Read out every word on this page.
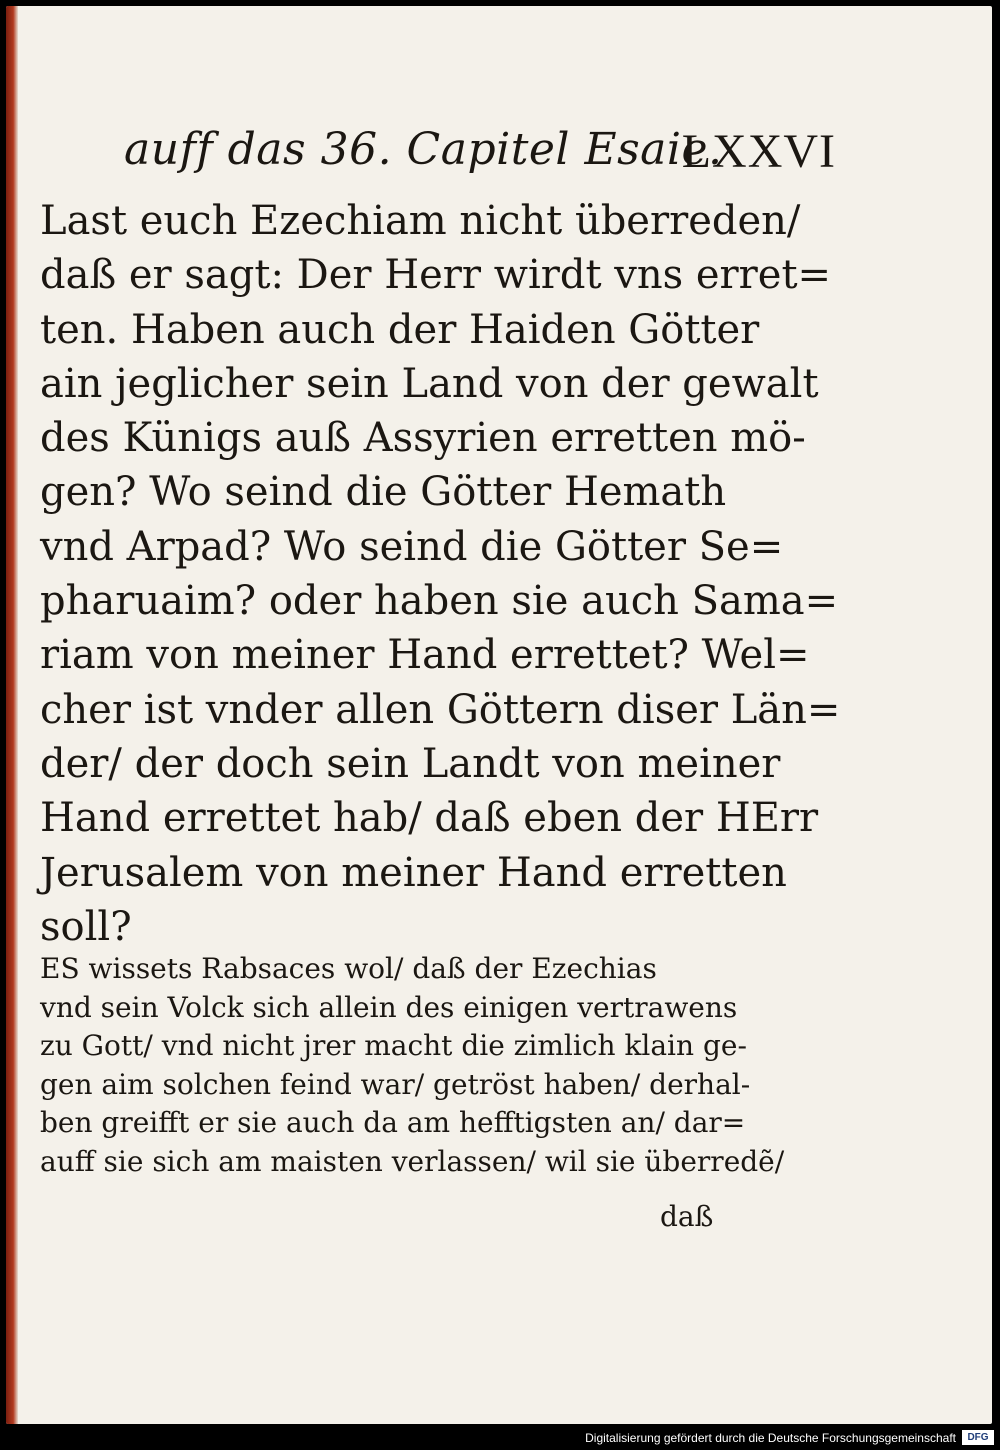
auff das 36. Capitel Esaie.
LXXVI
Last euch Ezechiam nicht überreden/
daß er sagt: Der Herr wirdt vns erret=
ten. Haben auch der Haiden Götter
ain jeglicher sein Land von der gewalt
des Künigs auß Assyrien erretten mö-
gen? Wo seind die Götter Hemath
vnd Arpad? Wo seind die Götter Se=
pharuaim? oder haben sie auch Sama=
riam von meiner Hand errettet? Wel=
cher ist vnder allen Göttern diser Län=
der/ der doch sein Landt von meiner
Hand errettet hab/ daß eben der HErr
Jerusalem von meiner Hand erretten
soll?
ES wissets Rabsaces wol/ daß der Ezechias
vnd sein Volck sich allein des einigen vertrawens
zu Gott/ vnd nicht jrer macht die zimlich klain ge-
gen aim solchen feind war/ getröst haben/ derhal-
ben greifft er sie auch da am hefftigsten an/ dar=
auff sie sich am maisten verlassen/ wil sie überredẽ/
daß
Digitalisierung gefördert durch die Deutsche Forschungsgemeinschaft	DFG
